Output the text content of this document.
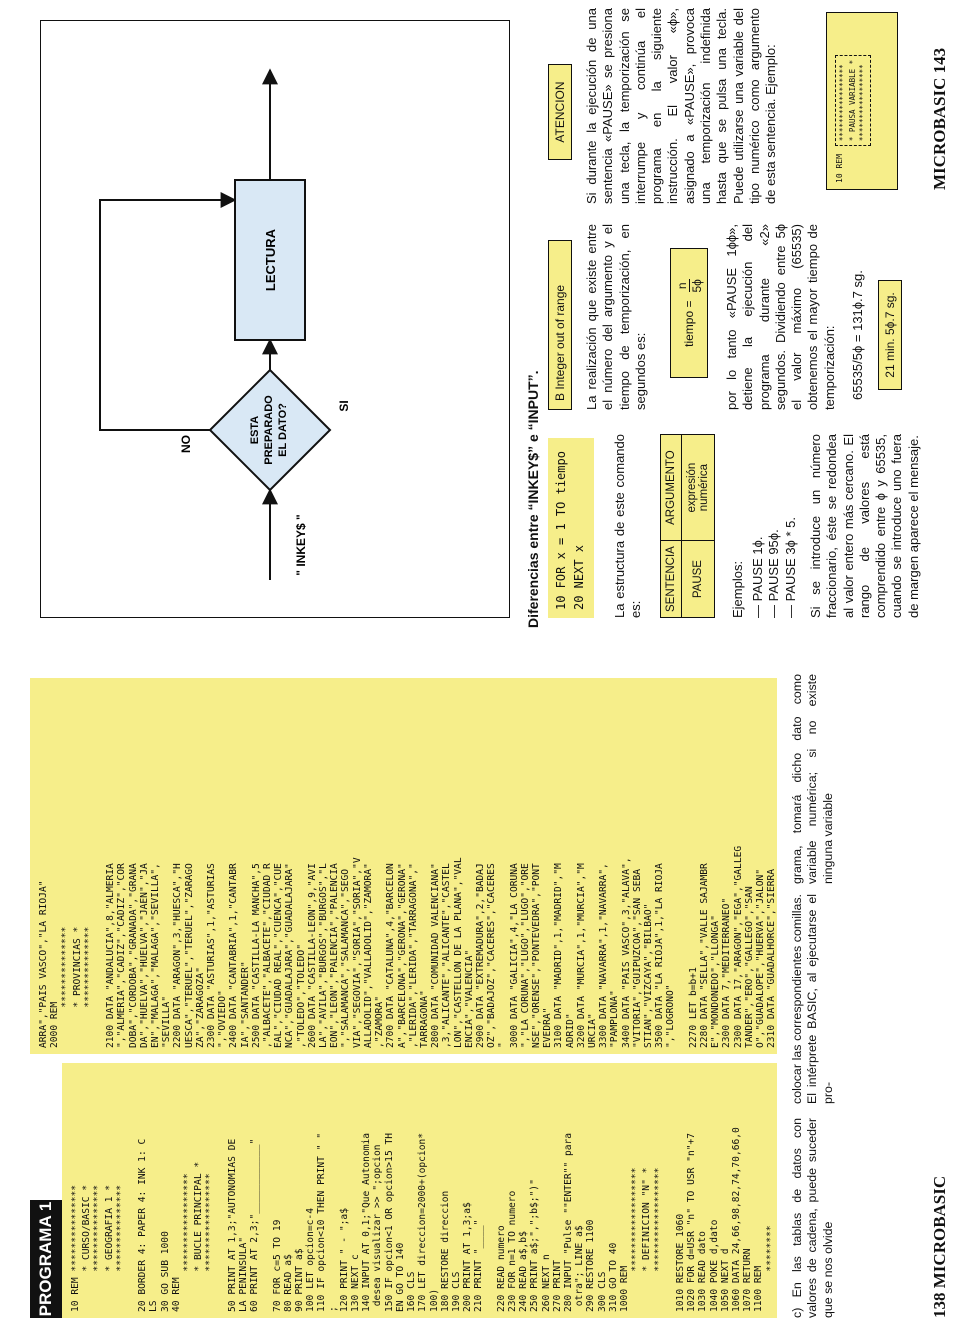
PROGRAMA 1	10 REM *************** * CURSO/BASIC * *************** * GEOGRAFIA 1 * ***************
20 BORDER 4: PAPER 4: INK 1: C LS 30 GO SUB 1000 40 REM ***************** * BUCLE PRINCIPAL * *****************
50 PRINT AT 1,3;"AUTONOMIAS DE LA PENINSULA" 60 PRINT AT 2,3;"____________"
70 FOR c=5 TO 19 80 READ a$ 90 PRINT a$ 100 LET opcion=c-4 110 IF opcion<10 THEN PRINT " " ; 120 PRINT " - ";a$ 130 NEXT c 140 INPUT AT 0,1;"Que Autonomia desea visualizar >> ";opcion 150 IF opcion<1 OR opcion>15 TH EN GO TO 140 160 CLS 170 LET direccion=2000+(opcion* 100) 180 RESTORE direccion 190 CLS 200 PRINT AT 1,3;a$ 210 PRINT "____"
220 READ numero 230 FOR n=1 TO numero 240 READ a$,b$ 250 PRINT a$;",";b$;")" 260 NEXT n 270 PRINT 280 INPUT "Pulse ""ENTER"" para otra"; LINE a$ 290 RESTORE 1100 300 CLS 310 GO TO 40 1000 REM ****************** * DEFINICION "N" * ******************
1010 RESTORE 1060 1020 FOR d=USR "n" TO USR "n"+7 1030 READ dato 1040 POKE d,dato 1050 NEXT d 1060 DATA 24,66,98,82,74,70,66,0 1070 RETURN 1100 REM ********

ARRA","PAIS VASCO","LA RIOJA" 2000 REM ************** * PROVINCIAS * **************
2100 DATA "ANDALUCIA",8,"ALMERIA ","ALMERIA","CADIZ","CADIZ","COR DOBA","CORDOBA","GRANADA","GRANA DA","HUELVA","HUELVA","JAEN","JA EN","MALAGA","MALAGA","SEVILLA", "SEVILLA" 2200 DATA "ARAGON",3,"HUESCA","H UESCA","TERUEL","TERUEL","ZARAGO ZA","ZARAGOZA" 2300 DATA "ASTURIAS",1,"ASTURIAS ","OVIEDO" 2400 DATA "CANTABRIA",1,"CANTABR IA","SANTANDER" 2500 DATA "CASTILLA-LA MANCHA",5 ,"ALBACETE","ALBACETE","CIUDAD R EAL","CIUDAD REAL","CUENCA","CUE NCA","GUADALAJARA","GUADALAJARA" ,"TOLEDO","TOLEDO" 2600 DATA "CASTILLA-LEON",9,"AVI LA","AVILA","BURGOS","BURGOS","L EON","LEON","PALENCIA","PALENCIA ","SALAMANCA","SALAMANCA","SEGO VIA","SEGOVIA","SORIA","SORIA","V ALLADOLID","VALLADOLID","ZAMORA" ,"ZAMORA" 2700 DATA "CATALUNA",4,"BARCELON A","BARCELONA","GERONA","GERONA" ,"LERIDA","LERIDA","TARRAGONA"," TARRAGONA" 2800 DATA "COMUNIDAD VALENCIANA" ,3,"ALICANTE","ALICANTE","CASTEL LON","CASTELLON DE LA PLANA","VAL ENCIA","VALENCIA" 2900 DATA "EXTREMADURA",2,"BADAJ OZ","BADAJOZ","CACERES","CACERES " 3000 DATA "GALICIA",4,"LA CORUNA ","LA CORUNA","LUGO","LUGO","ORE NSE","ORENSE","PONTEVEDRA","PONT EVEDRA" 3100 DATA "MADRID",1,"MADRID","M ADRID" 3200 DATA "MURCIA",1,"MURCIA","M URCIA" 3300 DATA "NAVARRA",1,"NAVARRA", "PAMPLONA" 3400 DATA "PAIS VASCO",3,"ALAVA", "VITORIA","GUIPUZCOA","SAN SEBA STIAN","VIZCAYA","BILBAO" 3500 DATA "LA RIOJA",1,"LA RIOJA ","LOGRONO"
2270 LET b=b+1 2280 DATA "SELLA","VALLE SAJAMBR E","MONDONEDO","LLONGA" 2300 DATA 7,"MEDITERRANEO" 2300 DATA 17,"ARAGON","EGA","GALLEG TANDER","ERO","GALLEGO","SAN O","GUADALOPE","HUERVA","JALON" 2310 DATA "GUADALHORCE","SIERRA
c) En las tablas de datos con valores de cadena, puede suceder que se nos olvide
colocar las correspondientes comillas. El intérprete BASIC, al ejecutarse el pro-
grama, tomará dicho dato como variable numérica; si no existe ninguna variable
138 MICROBASIC
ESTA PREPARADO EL DATO?	SI
NO
LECTURA
" INKEY$ "	Diferencias entre “INKEY$” e “INPUT”. 10 FOR x = 1 TO tiempo 20 NEXT x La estructura de este comando es: SENTENCIA	ARGUMENTO
PAUSE	expresión numérica
Ejemplos: — PAUSE 1ϕ. — PAUSE 95ϕ. — PAUSE 3ϕ * 5. Si se introduce un número fraccionario, éste se redondea al valor entero más cercano. El rango de valores está comprendido entre ϕ y 65535, cuando se introduce uno fuera de margen aparece el mensaje.
B Integer out of range	La realización que existe entre el número del argumento y el tiempo de temporización, en segundos es:
tiempo =
n 5ϕ por lo tanto «PAUSE 1ϕϕ», detiene la ejecución del programa durante «2» segundos. Dividiendo entre 5ϕ el valor máximo (65535) obtenemos el mayor tiempo de temporización: 65535/5ϕ = 131ϕ.7 sg.	21 min. 5ϕ.7 sg.
ATENCION	Si durante la ejecución de una sentencia «PAUSE» se presiona una tecla, la temporización se interrumpe y continúa el programa en la siguiente instrucción. El valor «ϕ», asignado a «PAUSE», provoca una temporización indefinida hasta que se pulsa una tecla. Puede utilizarse una variable del tipo numérico como argumento de esta sentencia. Ejemplo:	10 REM
***************** * PAUSA VARIABLE * *****************	MICROBASIC 143
